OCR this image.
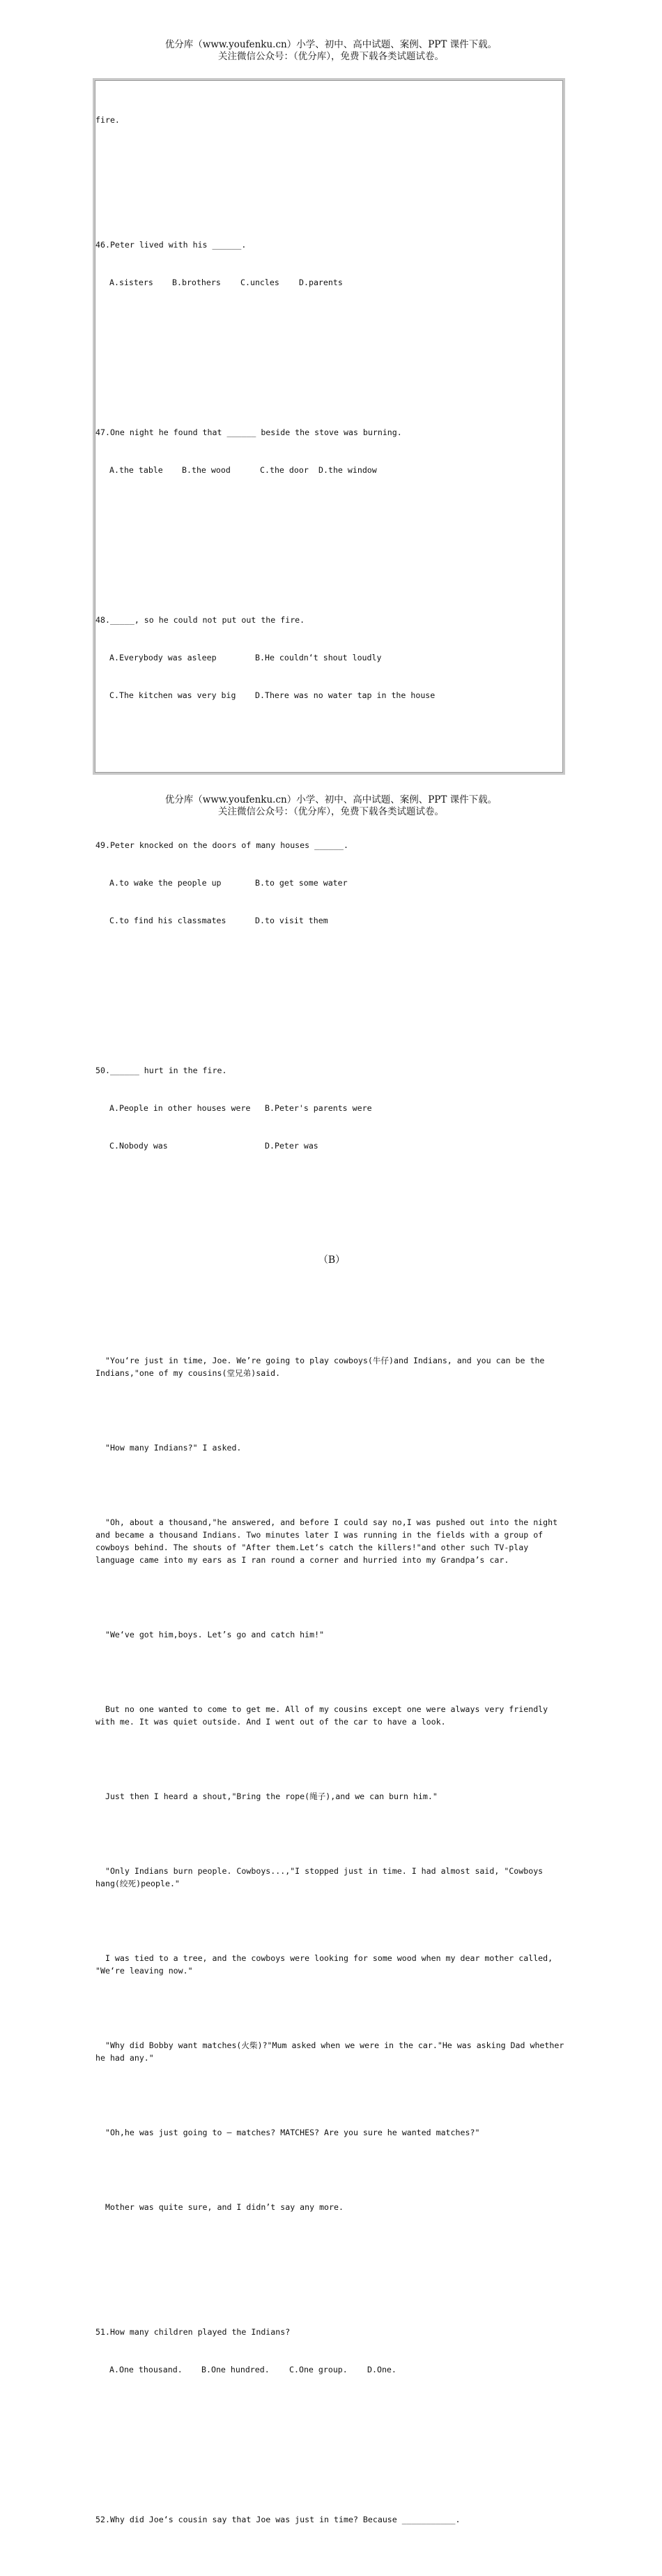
优分库（www.youfenku.cn）小学、初中、高中试题、案例、PPT 课件下载。
关注微信公众号：（优分库），免费下载各类试题试卷。

fire.

46.Peter lived with his ______.

A.sisters B.brothers C.uncles D.parents

47.One night he found that ______ beside the stove was burning.

A.the table B.the wood	C.the door D.the window

48._____, so he could not put out the fire.

A.Everybody was asleep	B.He couldn‘t shout loudly

C.The kitchen was very big D.There was no water tap in the house

49.Peter knocked on the doors of many houses ______.

A.to wake the people up	B.to get some water

C.to find his classmates	D.to visit them

50.______ hurt in the fire.

A.People in other houses were B.Peter's parents were

C.Nobody was	D.Peter was

（B）

"You‘re just in time, Joe. We’re going to play cowboys(牛仔)and Indians, and you can be the
Indians,"one of my cousins(堂兄弟)said.

"How many Indians?" I asked.

"Oh, about a thousand,"he answered, and before I could say no,I was pushed out into the night
and became a thousand Indians. Two minutes later I was running in the fields with a group of
cowboys behind. The shouts of "After them.Let‘s catch the killers!"and other such TV-play
language came into my ears as I ran round a corner and hurried into my Grandpa’s car.

"We‘ve got him,boys. Let’s go and catch him!"

But no one wanted to come to get me. All of my cousins except one were always very friendly
with me. It was quiet outside. And I went out of the car to have a look.

Just then I heard a shout,"Bring the rope(绳子),and we can burn him."

"Only Indians burn people. Cowboys...,"I stopped just in time. I had almost said, "Cowboys
hang(绞死)people."

I was tied to a tree, and the cowboys were looking for some wood when my dear mother called,
"We‘re leaving now."

"Why did Bobby want matches(火柴)?"Mum asked when we were in the car."He was asking Dad whether
he had any."

"Oh,he was just going to — matches? MATCHES? Are you sure he wanted matches?"

Mother was quite sure, and I didn’t say any more.

51.How many children played the Indians?

A.One thousand. B.One hundred. C.One group. D.One.

52.Why did Joe‘s cousin say that Joe was just in time? Because ___________.

优分库（www.youfenku.cn）小学、初中、高中试题、案例、PPT 课件下载。
关注微信公众号：（优分库），免费下载各类试题试卷。
